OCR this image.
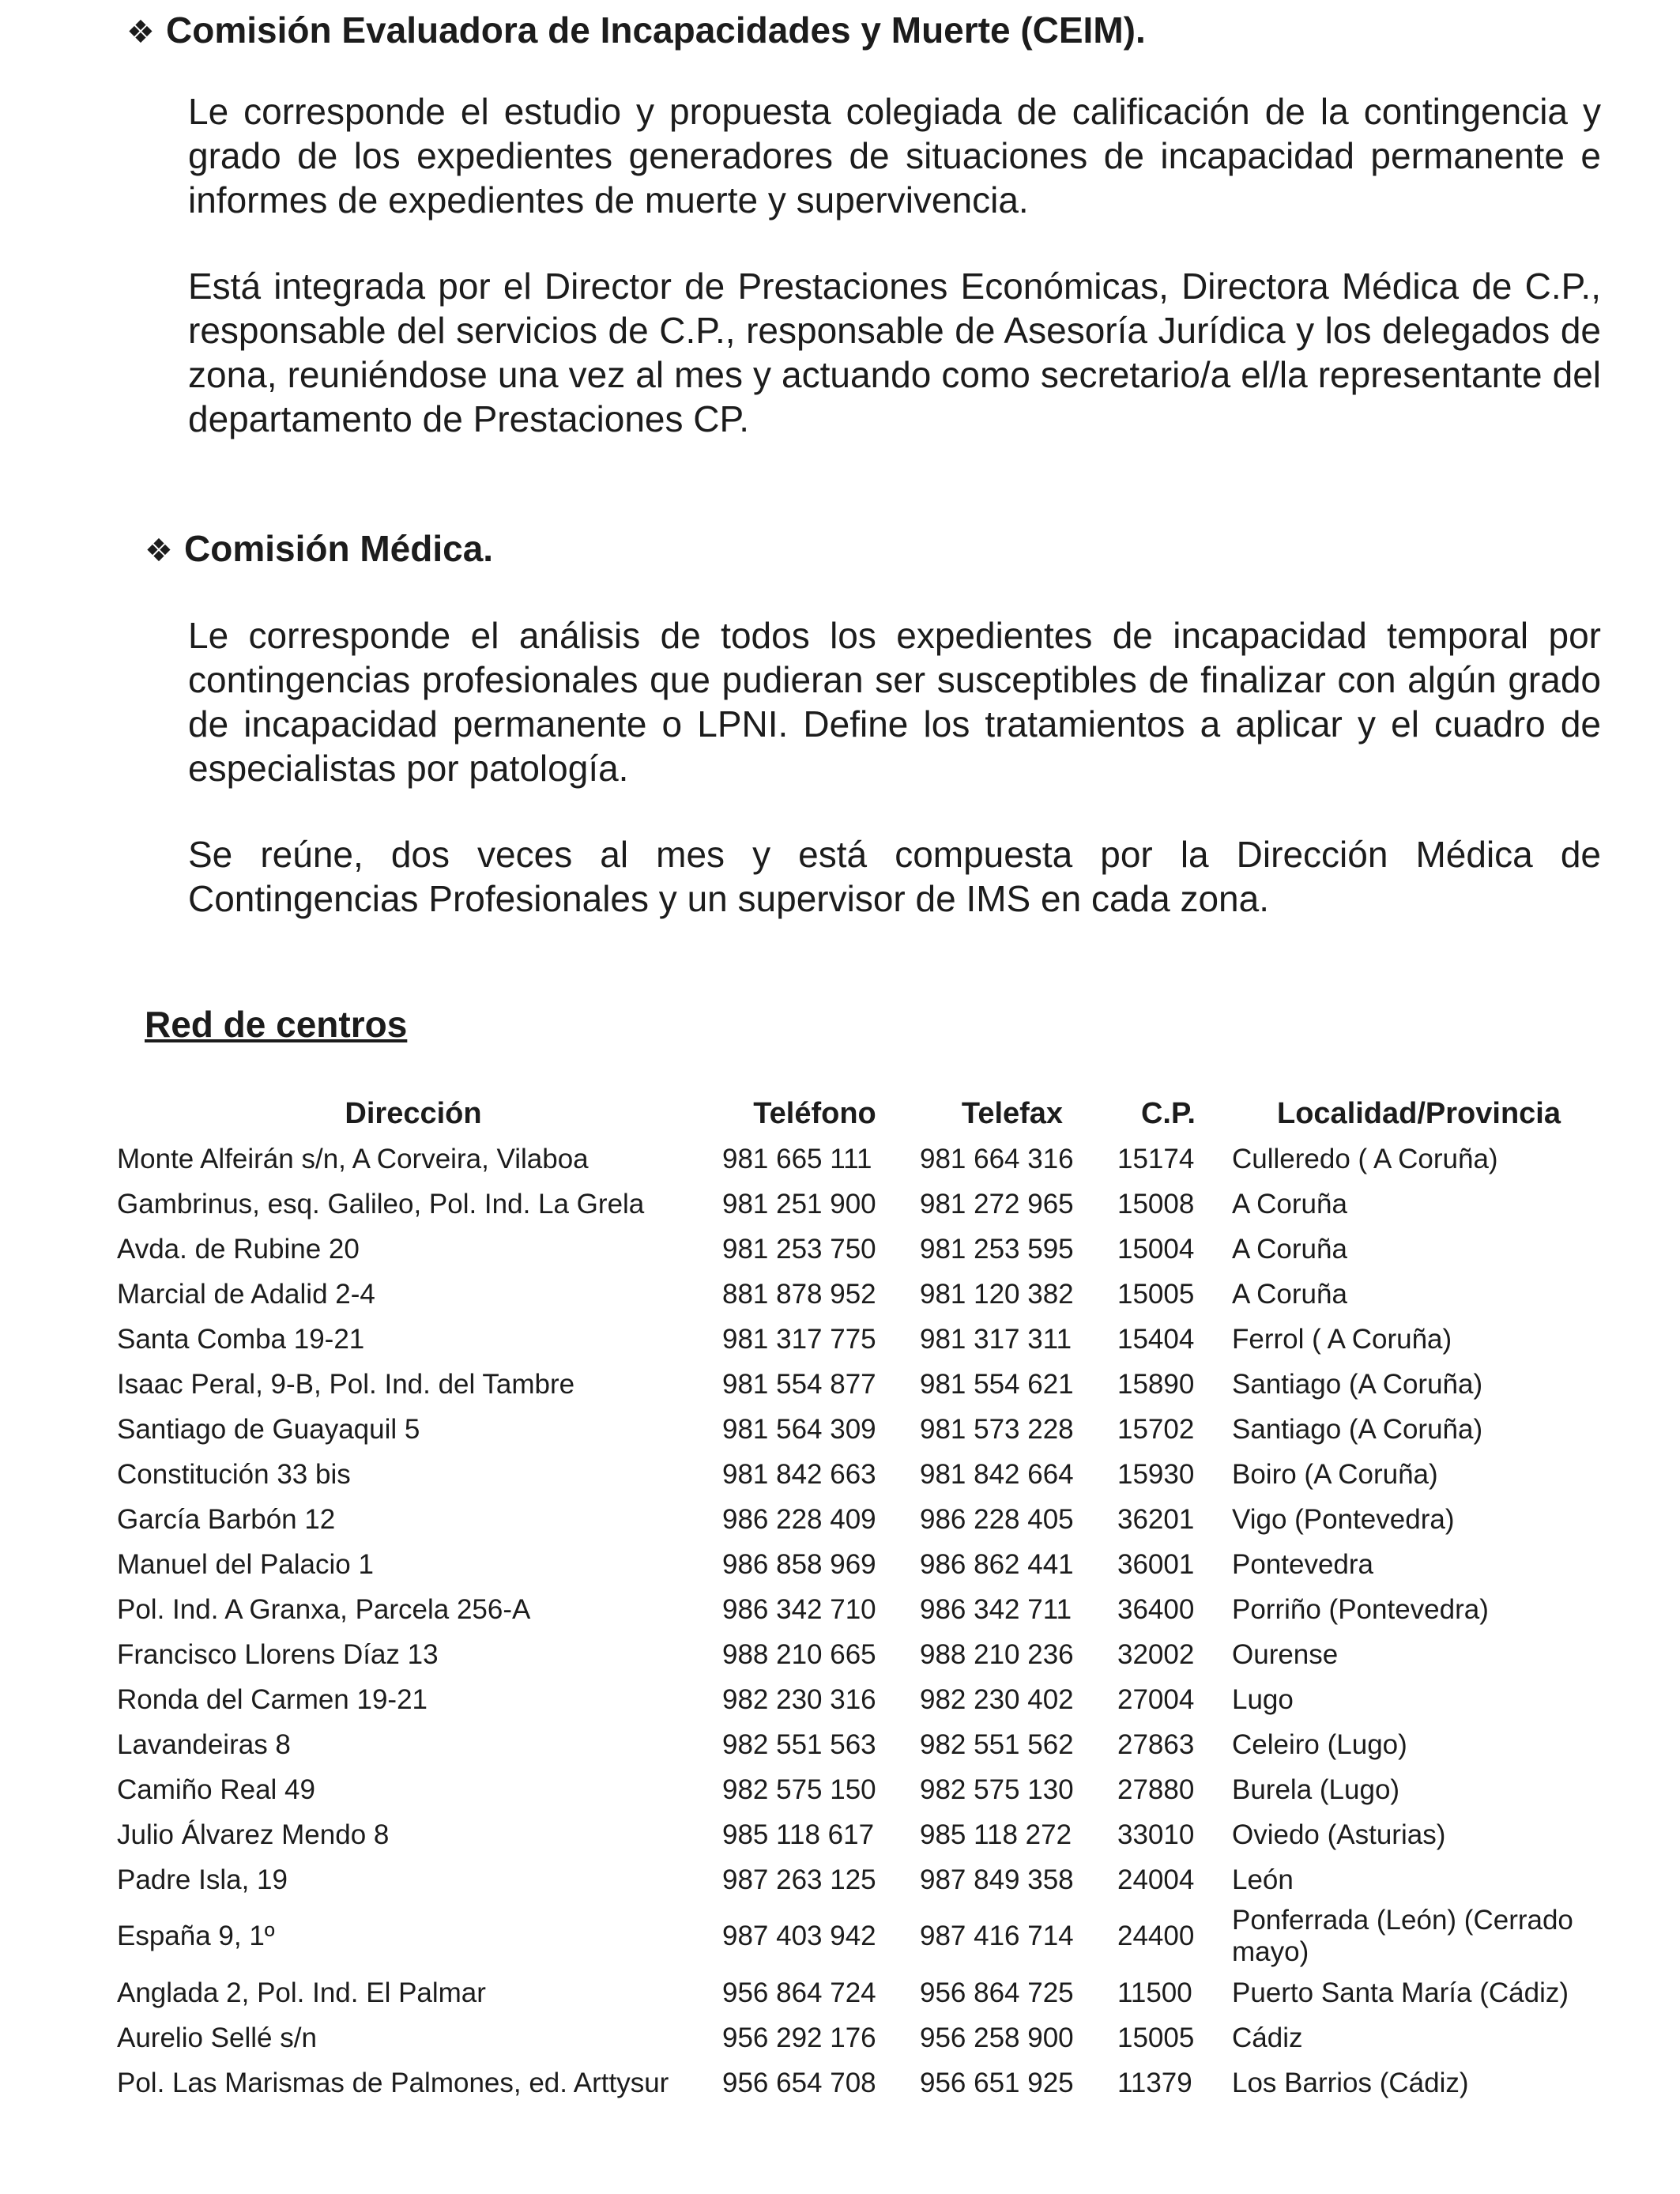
❖ Comisión Evaluadora de Incapacidades y Muerte (CEIM).

Le corresponde el estudio y propuesta colegiada de calificación de la contingencia y grado de los expedientes generadores de situaciones de incapacidad permanente e informes de expedientes de muerte y supervivencia.

Está integrada por el Director de Prestaciones Económicas, Directora Médica de C.P., responsable del servicios de C.P., responsable de Asesoría Jurídica y los delegados de zona, reuniéndose una vez al mes y actuando como secretario/a el/la representante del departamento de Prestaciones CP.

❖ Comisión Médica.

Le corresponde el análisis de todos los expedientes de incapacidad temporal por contingencias profesionales que pudieran ser susceptibles de finalizar con algún grado de incapacidad permanente o LPNI. Define los tratamientos a aplicar y el cuadro de especialistas por patología.

Se reúne, dos veces al mes y está compuesta por la Dirección Médica de Contingencias Profesionales y un supervisor de IMS en cada zona.

Red de centros
Dirección	Teléfono	Telefax	C.P.	Localidad/Provincia
Monte Alfeirán s/n, A Corveira, Vilaboa	981 665 111	981 664 316	15174	Culleredo ( A Coruña)
Gambrinus, esq. Galileo, Pol. Ind. La Grela	981 251 900	981 272 965	15008	A Coruña
Avda. de Rubine 20	981 253 750	981 253 595	15004	A Coruña
Marcial de Adalid 2-4	881 878 952	981 120 382	15005	A Coruña
Santa Comba 19-21	981 317 775	981 317 311	15404	Ferrol ( A Coruña)
Isaac Peral, 9-B, Pol. Ind. del Tambre	981 554 877	981 554 621	15890	Santiago (A Coruña)
Santiago de Guayaquil 5	981 564 309	981 573 228	15702	Santiago (A Coruña)
Constitución 33 bis	981 842 663	981 842 664	15930	Boiro (A Coruña)
García Barbón 12	986 228 409	986 228 405	36201	Vigo (Pontevedra)
Manuel del Palacio 1	986 858 969	986 862 441	36001	Pontevedra
Pol. Ind. A Granxa, Parcela 256-A	986 342 710	986 342 711	36400	Porriño (Pontevedra)
Francisco Llorens Díaz 13	988 210 665	988 210 236	32002	Ourense
Ronda del Carmen 19-21	982 230 316	982 230 402	27004	Lugo
Lavandeiras 8	982 551 563	982 551 562	27863	Celeiro (Lugo)
Camiño Real 49	982 575 150	982 575 130	27880	Burela (Lugo)
Julio Álvarez Mendo 8	985 118 617	985 118 272	33010	Oviedo (Asturias)
Padre Isla, 19	987 263 125	987 849 358	24004	León
España 9, 1º	987 403 942	987 416 714	24400	Ponferrada (León) (Cerrado mayo)
Anglada 2, Pol. Ind. El Palmar	956 864 724	956 864 725	11500	Puerto Santa María (Cádiz)
Aurelio Sellé s/n	956 292 176	956 258 900	15005	Cádiz
Pol. Las Marismas de Palmones, ed. Arttysur	956 654 708	956 651 925	11379	Los Barrios (Cádiz)
